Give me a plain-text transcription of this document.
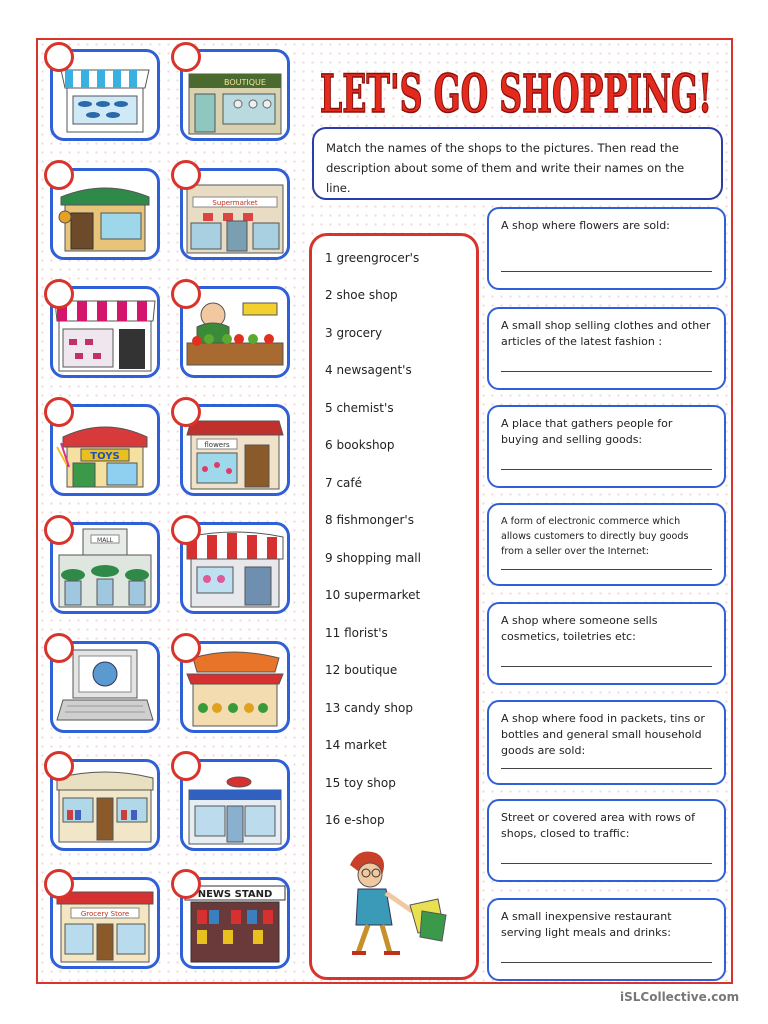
LET'S GO SHOPPING!
Match the names of the shops to the pictures. Then read the description about some of them and write their names on the line.
BOUTIQUE
Supermarket
TOYS
flowers
MALL
Grocery Store
NEWS STAND
1 greengrocer's
2 shoe shop
3 grocery
4 newsagent's
5 chemist's
6 bookshop
7 café
8 fishmonger's
9 shopping mall
10 supermarket
11 florist's
12 boutique
13 candy shop
14 market
15 toy shop
16 e-shop
A shop where flowers are sold:
A small shop selling clothes and other articles of the latest fashion :
A place that gathers people for buying and selling goods:
A form of electronic commerce which allows customers to directly buy goods from a seller over the Internet:
A shop where someone sells cosmetics, toiletries etc:
A shop where food in packets, tins or bottles and general small household goods are sold:
Street or covered area with rows of shops, closed to traffic:
A small inexpensive restaurant serving light meals and drinks:
iSLCollective.com
